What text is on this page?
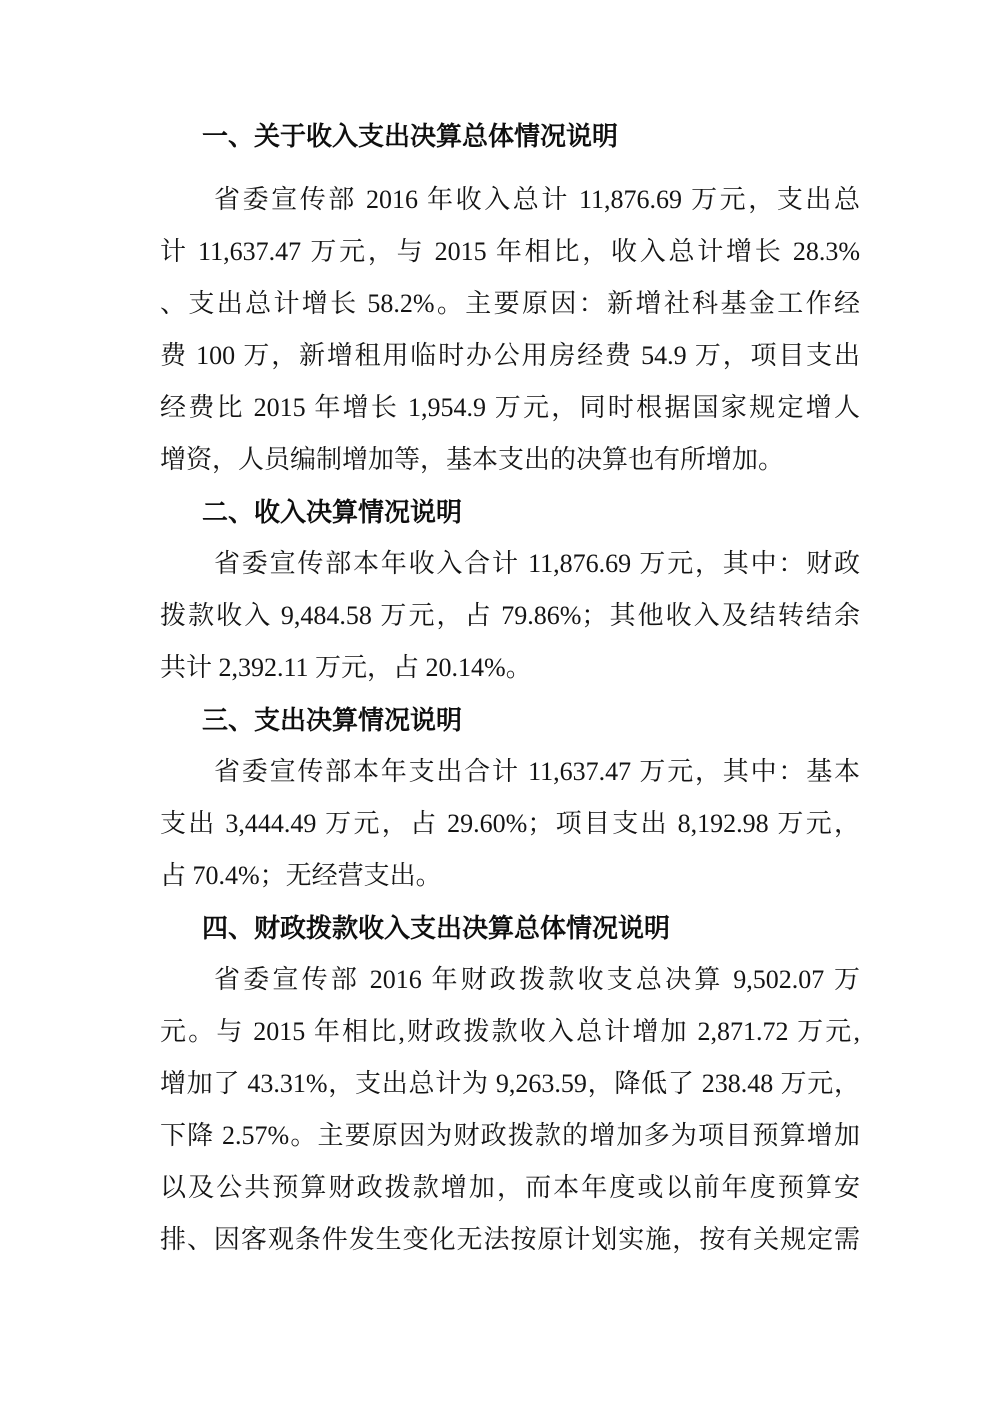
一、关于收入支出决算总体情况说明
省委宣传部 2016 年收入总计 11,876.69 万元，支出总
计 11,637.47 万元，与 2015 年相比，收入总计增长 28.3%
、支出总计增长 58.2%。主要原因：新增社科基金工作经
费 100 万，新增租用临时办公用房经费 54.9 万，项目支出
经费比 2015 年增长 1,954.9 万元，同时根据国家规定增人
增资，人员编制增加等，基本支出的决算也有所增加。
二、收入决算情况说明
省委宣传部本年收入合计 11,876.69 万元，其中：财政
拨款收入 9,484.58 万元，占 79.86%；其他收入及结转结余
共计 2,392.11 万元，占 20.14%。
三、支出决算情况说明
省委宣传部本年支出合计 11,637.47 万元，其中：基本
支出 3,444.49 万元，占 29.60%；项目支出 8,192.98 万元，
占 70.4%；无经营支出。
四、财政拨款收入支出决算总体情况说明
省委宣传部 2016 年财政拨款收支总决算 9,502.07 万
元。与 2015 年相比,财政拨款收入总计增加 2,871.72 万元,
增加了 43.31%，支出总计为 9,263.59，降低了 238.48 万元，
下降 2.57%。主要原因为财政拨款的增加多为项目预算增加
以及公共预算财政拨款增加，而本年度或以前年度预算安
排、因客观条件发生变化无法按原计划实施，按有关规定需
